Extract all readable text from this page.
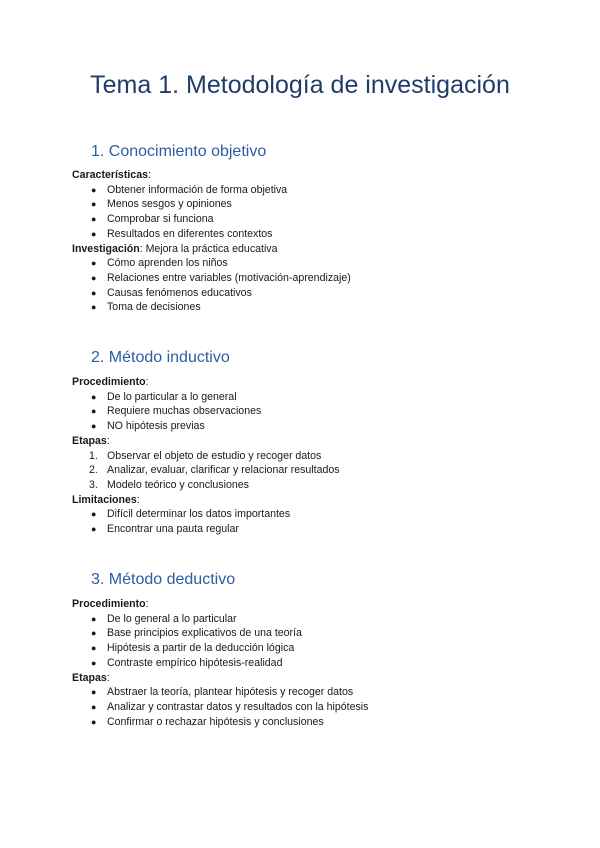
Tema 1. Metodología de investigación
1. Conocimiento objetivo

Características:

● Obtener información de forma objetiva
● Menos sesgos y opiniones
● Comprobar si funciona
● Resultados en diferentes contextos

Investigación: Mejora la práctica educativa

● Cómo aprenden los niños
● Relaciones entre variables (motivación-aprendizaje)
● Causas fenómenos educativos
● Toma de decisiones
2. Método inductivo

Procedimiento:

● De lo particular a lo general
● Requiere muchas observaciones
● NO hipótesis previas

Etapas:

1. Observar el objeto de estudio y recoger datos
2. Analizar, evaluar, clarificar y relacionar resultados
3. Modelo teórico y conclusiones

Limitaciones:

● Difícil determinar los datos importantes
● Encontrar una pauta regular
3. Método deductivo

Procedimiento:

● De lo general a lo particular
● Base principios explicativos de una teoría
● Hipótesis a partir de la deducción lógica
● Contraste empírico hipótesis-realidad

Etapas:

● Abstraer la teoría, plantear hipótesis y recoger datos
● Analizar y contrastar datos y resultados con la hipótesis
● Confirmar o rechazar hipótesis y conclusiones
